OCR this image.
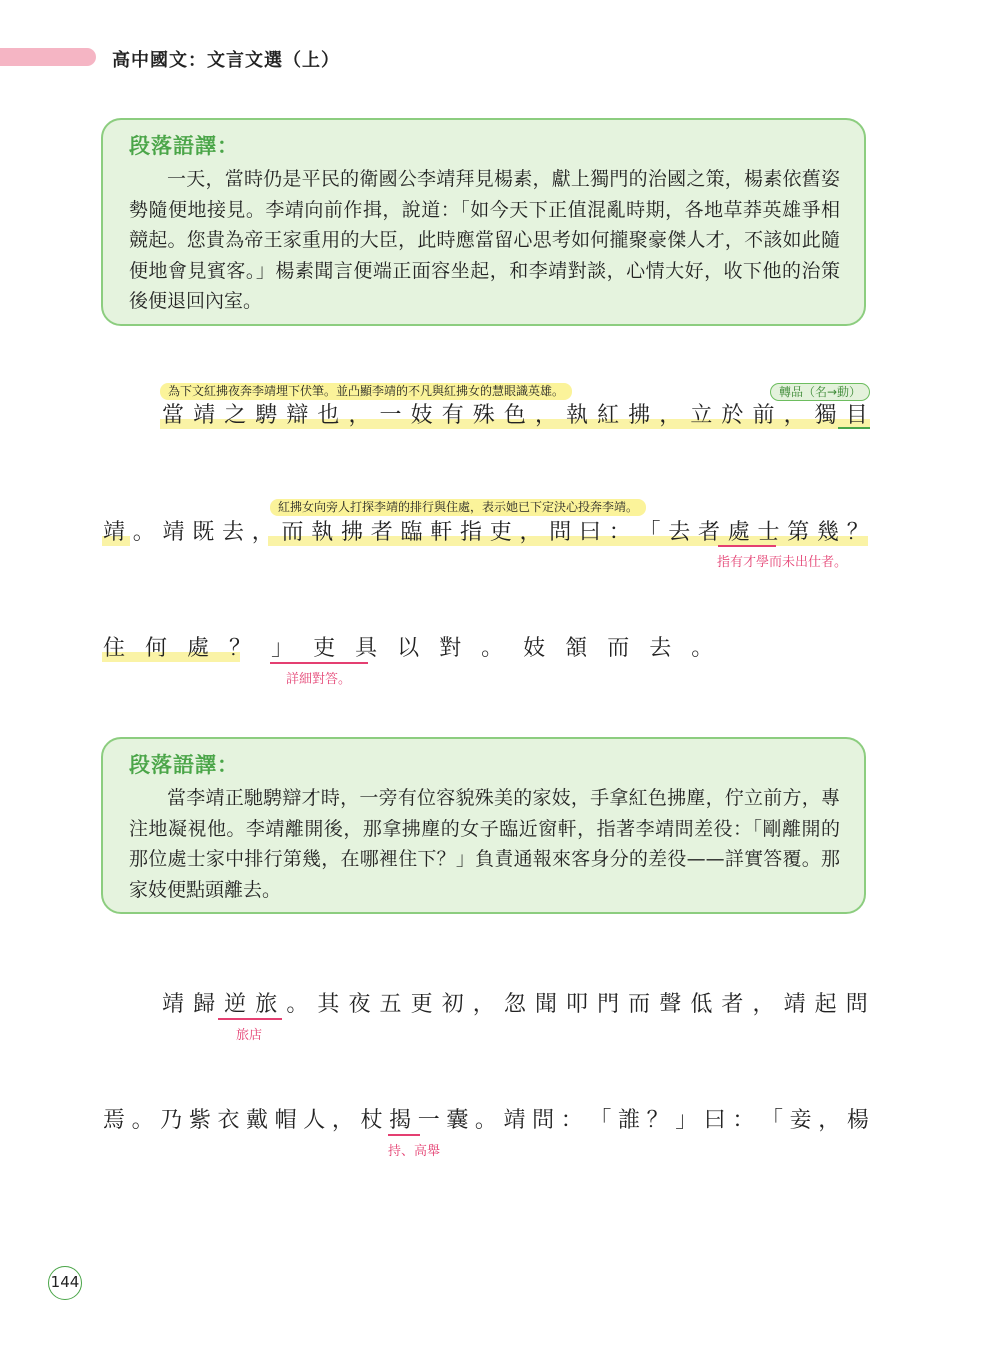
高中國文：文言文選（上）

段落語譯：

一天，當時仍是平民的衛國公李靖拜見楊素，獻上獨門的治國之策，楊素依舊姿勢隨便地接見。李靖向前作揖，說道：「如今天下正值混亂時期，各地草莽英雄爭相競起。您貴為帝王家重用的大臣，此時應當留心思考如何攏聚豪傑人才，不該如此隨便地會見賓客。」楊素聞言便端正面容坐起，和李靖對談，心情大好，收下他的治策後便退回內室。

為下文紅拂夜奔李靖埋下伏筆。並凸顯李靖的不凡與紅拂女的慧眼識英雄。	轉品（名→動）

當 靖 之 騁 辯 也 ， 一 妓 有 殊 色 ， 執 紅 拂 ， 立 於 前 ， 獨 目

紅拂女向旁人打探李靖的排行與住處，表示她已下定決心投奔李靖。
指有才學而未出仕者。

靖 。 靖 既 去 ， 而 執 拂 者 臨 軒 指 吏 ， 問 曰 ： 「 去 者 處 士 第 幾 ？

詳細對答。

住 何 處 ？ 」 吏 具 以 對 。 妓 頷 而 去 。

段落語譯：

當李靖正馳騁辯才時，一旁有位容貌殊美的家妓，手拿紅色拂塵，佇立前方，專注地凝視他。李靖離開後，那拿拂塵的女子臨近窗軒，指著李靖問差役：「剛離開的那位處士家中排行第幾，在哪裡住下？」負責通報來客身分的差役——詳實答覆。那家妓便點頭離去。

旅店

靖 歸 逆 旅 。 其 夜 五 更 初 ， 忽 聞 叩 門 而 聲 低 者 ， 靖 起 問

持、高舉

焉 。 乃 紫 衣 戴 帽 人 ， 杖 揭 一 囊 。 靖 問 ： 「 誰 ？ 」 曰 ： 「 妾 ， 楊

144
